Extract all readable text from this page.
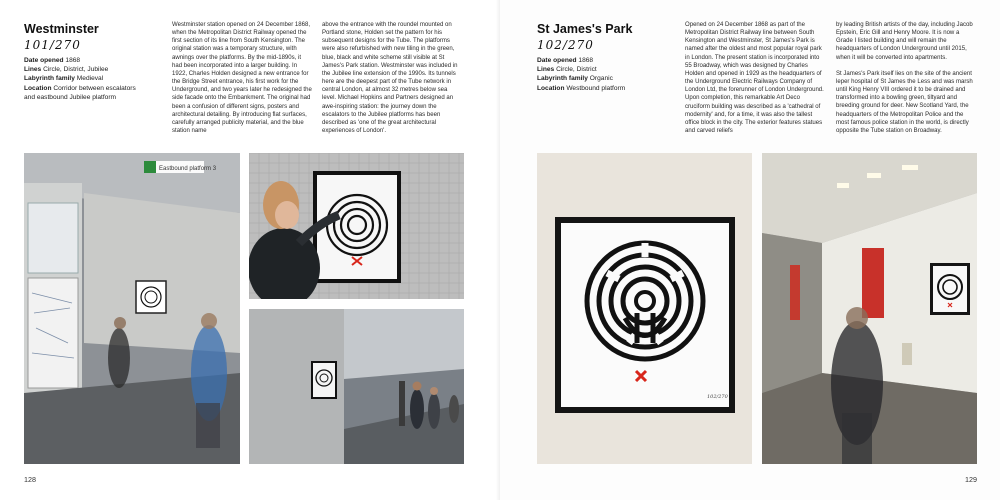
Westminster
101/270
Date opened 1868
Lines Circle, District, Jubilee
Labyrinth family Medieval
Location Corridor between escalators
and eastbound Jubilee platform

Westminster station opened on 24 December 1868, when the Metropolitan District Railway opened the first section of its line from South Kensington. The original station was a temporary structure, with awnings over the platforms. By the mid-1890s, it had been incorporated into a larger building. In 1922, Charles Holden designed a new entrance for the Bridge Street entrance, his first work for the Underground, and two years later he redesigned the side facade onto the Embankment. The original had been a confusion of different signs, posters and architectural detailing. By introducing flat surfaces, carefully arranged publicity material, and the blue station name

above the entrance with the roundel mounted on Portland stone, Holden set the pattern for his subsequent designs for the Tube. The platforms were also refurbished with new tiling in the green, blue, black and white scheme still visible at St James's Park station. Westminster was included in the Jubilee line extension of the 1990s. Its tunnels here are the deepest part of the Tube network in central London, at almost 32 metres below sea level. Michael Hopkins and Partners designed an awe-inspiring station: the journey down the escalators to the Jubilee platforms has been described as 'one of the great architectural experiences of London'.

Eastbound platform 3
128
St James's Park
102/270
Date opened 1868
Lines Circle, District
Labyrinth family Organic
Location Westbound platform

Opened on 24 December 1868 as part of the Metropolitan District Railway line between South Kensington and Westminster, St James's Park is named after the oldest and most popular royal park in London. The present station is incorporated into 55 Broadway, which was designed by Charles Holden and opened in 1929 as the headquarters of the Underground Electric Railways Company of London Ltd, the forerunner of London Underground. Upon completion, this remarkable Art Deco cruciform building was described as a 'cathedral of modernity' and, for a time, it was also the tallest office block in the city. The exterior features statues and carved reliefs

by leading British artists of the day, including Jacob Epstein, Eric Gill and Henry Moore. It is now a Grade I listed building and will remain the headquarters of London Underground until 2015, when it will be converted into apartments.

St James's Park itself lies on the site of the ancient leper hospital of St James the Less and was marsh until King Henry VIII ordered it to be drained and transformed into a bowling green, tiltyard and breeding ground for deer. New Scotland Yard, the headquarters of the Metropolitan Police and the most famous police station in the world, is directly opposite the Tube station on Broadway.

102/270
129
